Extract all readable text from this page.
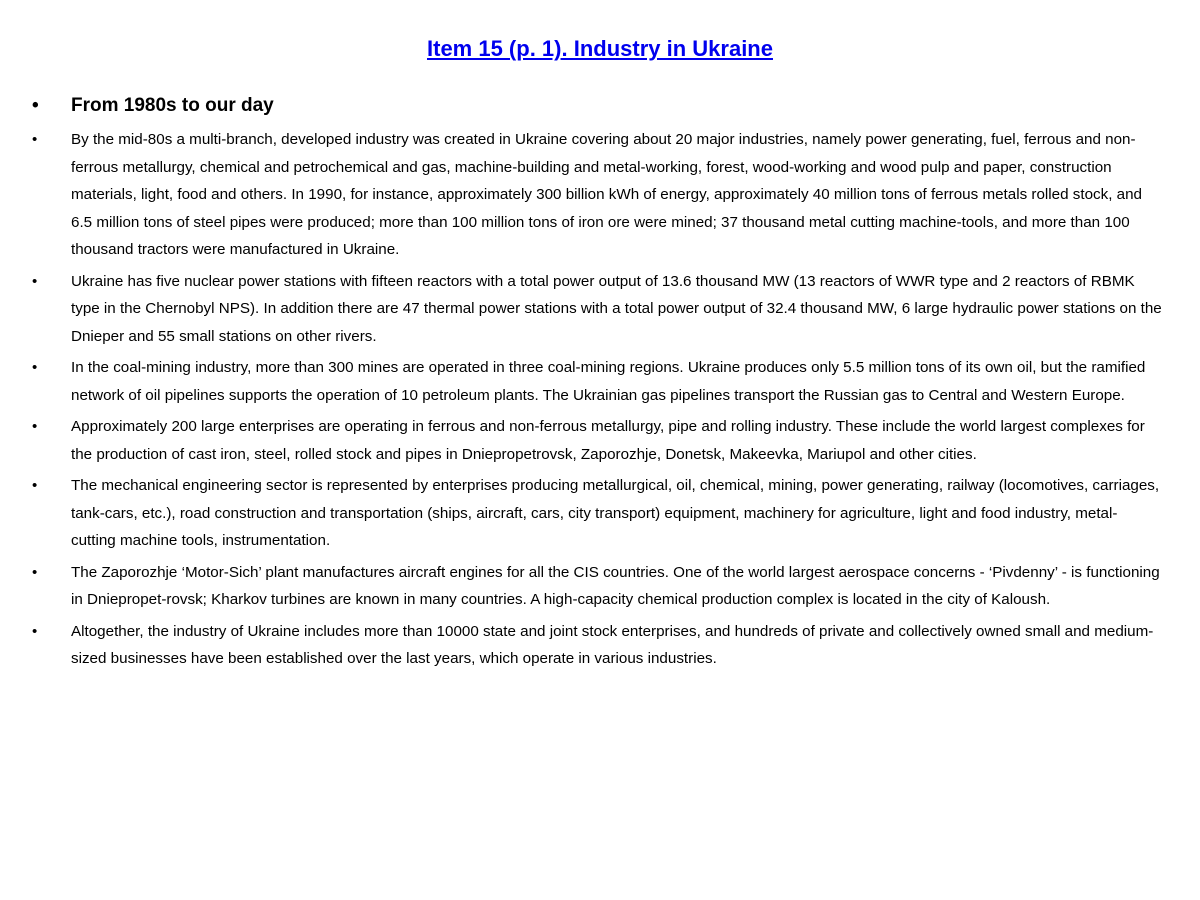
Item 15 (p. 1). Industry in Ukraine
•	From 1980s to our day
•	By the mid-80s a multi-branch, developed industry was created in Ukraine covering about 20 major industries, namely power generating, fuel, ferrous and non-ferrous metallurgy, chemical and petrochemical and gas, machine-building and metal-working, forest, wood-working and wood pulp and paper, construction materials, light, food and others. In 1990, for instance, approximately 300 billion kWh of energy, approximately 40 million tons of ferrous metals rolled stock, and 6.5 million tons of steel pipes were produced; more than 100 million tons of iron ore were mined; 37 thousand metal cutting machine-tools, and more than 100 thousand tractors were manufactured in Ukraine.
•	Ukraine has five nuclear power stations with fifteen reactors with a total power output of 13.6 thousand MW (13 reactors of WWR type and 2 reactors of RBMK type in the Chernobyl NPS). In addition there are 47 thermal power stations with a total power output of 32.4 thousand MW, 6 large hydraulic power stations on the Dnieper and 55 small stations on other rivers.
•	In the coal-mining industry, more than 300 mines are operated in three coal-mining regions. Ukraine produces only 5.5 million tons of its own oil, but the ramified network of oil pipelines supports the operation of 10 petroleum plants. The Ukrainian gas pipelines transport the Russian gas to Central and Western Europe.
•	Approximately 200 large enterprises are operating in ferrous and non-ferrous metallurgy, pipe and rolling industry. These include the world largest complexes for the production of cast iron, steel, rolled stock and pipes in Dniepropetrovsk, Zaporozhje, Donetsk, Makeevka, Mariupol and other cities.
•	The mechanical engineering sector is represented by enterprises producing metallurgical, oil, chemical, mining, power generating, railway (locomotives, carriages, tank-cars, etc.), road construction and transportation (ships, aircraft, cars, city transport) equipment, machinery for agriculture, light and food industry, metal-cutting machine tools, instrumentation.
•	The Zaporozhje ‘Motor-Sich’ plant manufactures aircraft engines for all the CIS countries. One of the world largest aerospace concerns - ‘Pivdenny’ - is functioning in Dniepropet-rovsk; Kharkov turbines are known in many countries. A high-capacity chemical production complex is located in the city of Kaloush.
•	Altogether, the industry of Ukraine includes more than 10000 state and joint stock enterprises, and hundreds of private and collectively owned small and medium-sized businesses have been established over the last years, which operate in various industries.
